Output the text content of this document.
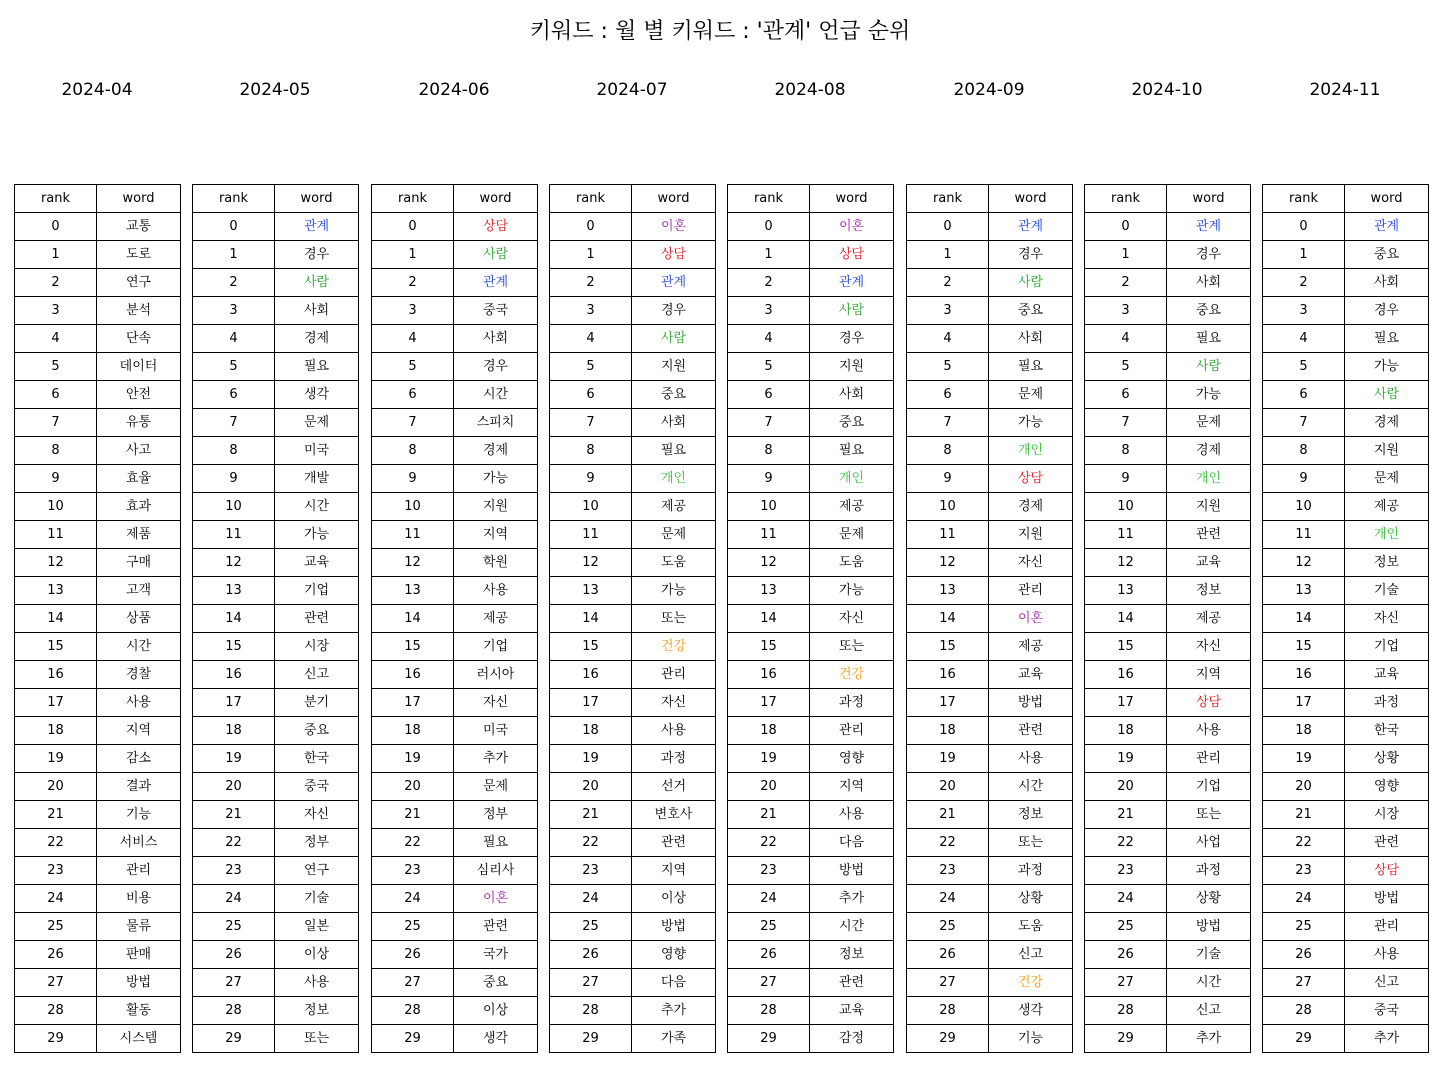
키워드 : 월 별 키워드 : '관계' 언급 순위
2024-04
rank	word
0	교통
1	도로
2	연구
3	분석
4	단속
5	데이터
6	안전
7	유통
8	사고
9	효율
10	효과
11	제품
12	구매
13	고객
14	상품
15	시간
16	경찰
17	사용
18	지역
19	감소
20	결과
21	기능
22	서비스
23	관리
24	비용
25	물류
26	판매
27	방법
28	활동
29	시스템
2024-05
rank	word
0	관계
1	경우
2	사람
3	사회
4	경제
5	필요
6	생각
7	문제
8	미국
9	개발
10	시간
11	가능
12	교육
13	기업
14	관련
15	시장
16	신고
17	분기
18	중요
19	한국
20	중국
21	자신
22	정부
23	연구
24	기술
25	일본
26	이상
27	사용
28	정보
29	또는
2024-06
rank	word
0	상담
1	사람
2	관계
3	중국
4	사회
5	경우
6	시간
7	스피치
8	경제
9	가능
10	지원
11	지역
12	학원
13	사용
14	제공
15	기업
16	러시아
17	자신
18	미국
19	추가
20	문제
21	정부
22	필요
23	심리사
24	이혼
25	관련
26	국가
27	중요
28	이상
29	생각
2024-07
rank	word
0	이혼
1	상담
2	관계
3	경우
4	사람
5	지원
6	중요
7	사회
8	필요
9	개인
10	제공
11	문제
12	도움
13	가능
14	또는
15	건강
16	관리
17	자신
18	사용
19	과정
20	선거
21	변호사
22	관련
23	지역
24	이상
25	방법
26	영향
27	다음
28	추가
29	가족
2024-08
rank	word
0	이혼
1	상담
2	관계
3	사람
4	경우
5	지원
6	사회
7	중요
8	필요
9	개인
10	제공
11	문제
12	도움
13	가능
14	자신
15	또는
16	건강
17	과정
18	관리
19	영향
20	지역
21	사용
22	다음
23	방법
24	추가
25	시간
26	정보
27	관련
28	교육
29	감정
2024-09
rank	word
0	관계
1	경우
2	사람
3	중요
4	사회
5	필요
6	문제
7	가능
8	개인
9	상담
10	경제
11	지원
12	자신
13	관리
14	이혼
15	제공
16	교육
17	방법
18	관련
19	사용
20	시간
21	정보
22	또는
23	과정
24	상황
25	도움
26	신고
27	건강
28	생각
29	기능
2024-10
rank	word
0	관계
1	경우
2	사회
3	중요
4	필요
5	사람
6	가능
7	문제
8	경제
9	개인
10	지원
11	관련
12	교육
13	정보
14	제공
15	자신
16	지역
17	상담
18	사용
19	관리
20	기업
21	또는
22	사업
23	과정
24	상황
25	방법
26	기술
27	시간
28	신고
29	추가
2024-11
rank	word
0	관계
1	중요
2	사회
3	경우
4	필요
5	가능
6	사람
7	경제
8	지원
9	문제
10	제공
11	개인
12	정보
13	기술
14	자신
15	기업
16	교육
17	과정
18	한국
19	상황
20	영향
21	시장
22	관련
23	상담
24	방법
25	관리
26	사용
27	신고
28	중국
29	추가
